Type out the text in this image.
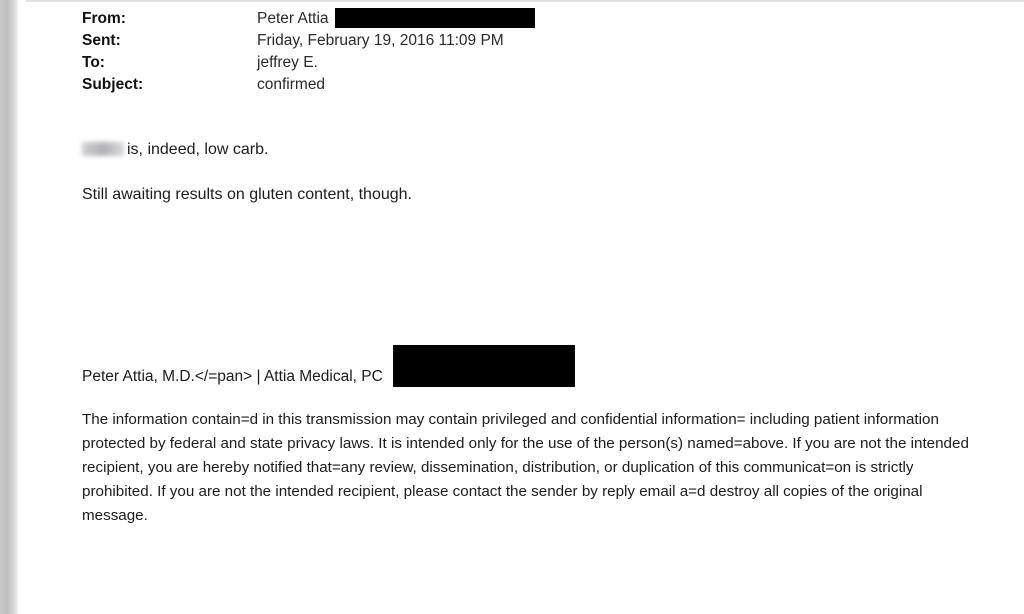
From:	Peter Attia
Sent:	Friday, February 19, 2016 11:09 PM
To:	jeffrey E.
Subject:	confirmed

is, indeed, low carb.

Still awaiting results on gluten content, though.

Peter Attia, M.D.</=pan> | Attia Medical, PC
The information contain=d in this transmission may contain privileged and confidential information= including patient information protected by federal and state privacy laws. It is intended only for the use of the person(s) named=above. If you are not the intended recipient, you are hereby notified that=any review, dissemination, distribution, or duplication of this communicat=on is strictly prohibited. If you are not the intended recipient, please contact the sender by reply email a=d destroy all copies of the original message.
